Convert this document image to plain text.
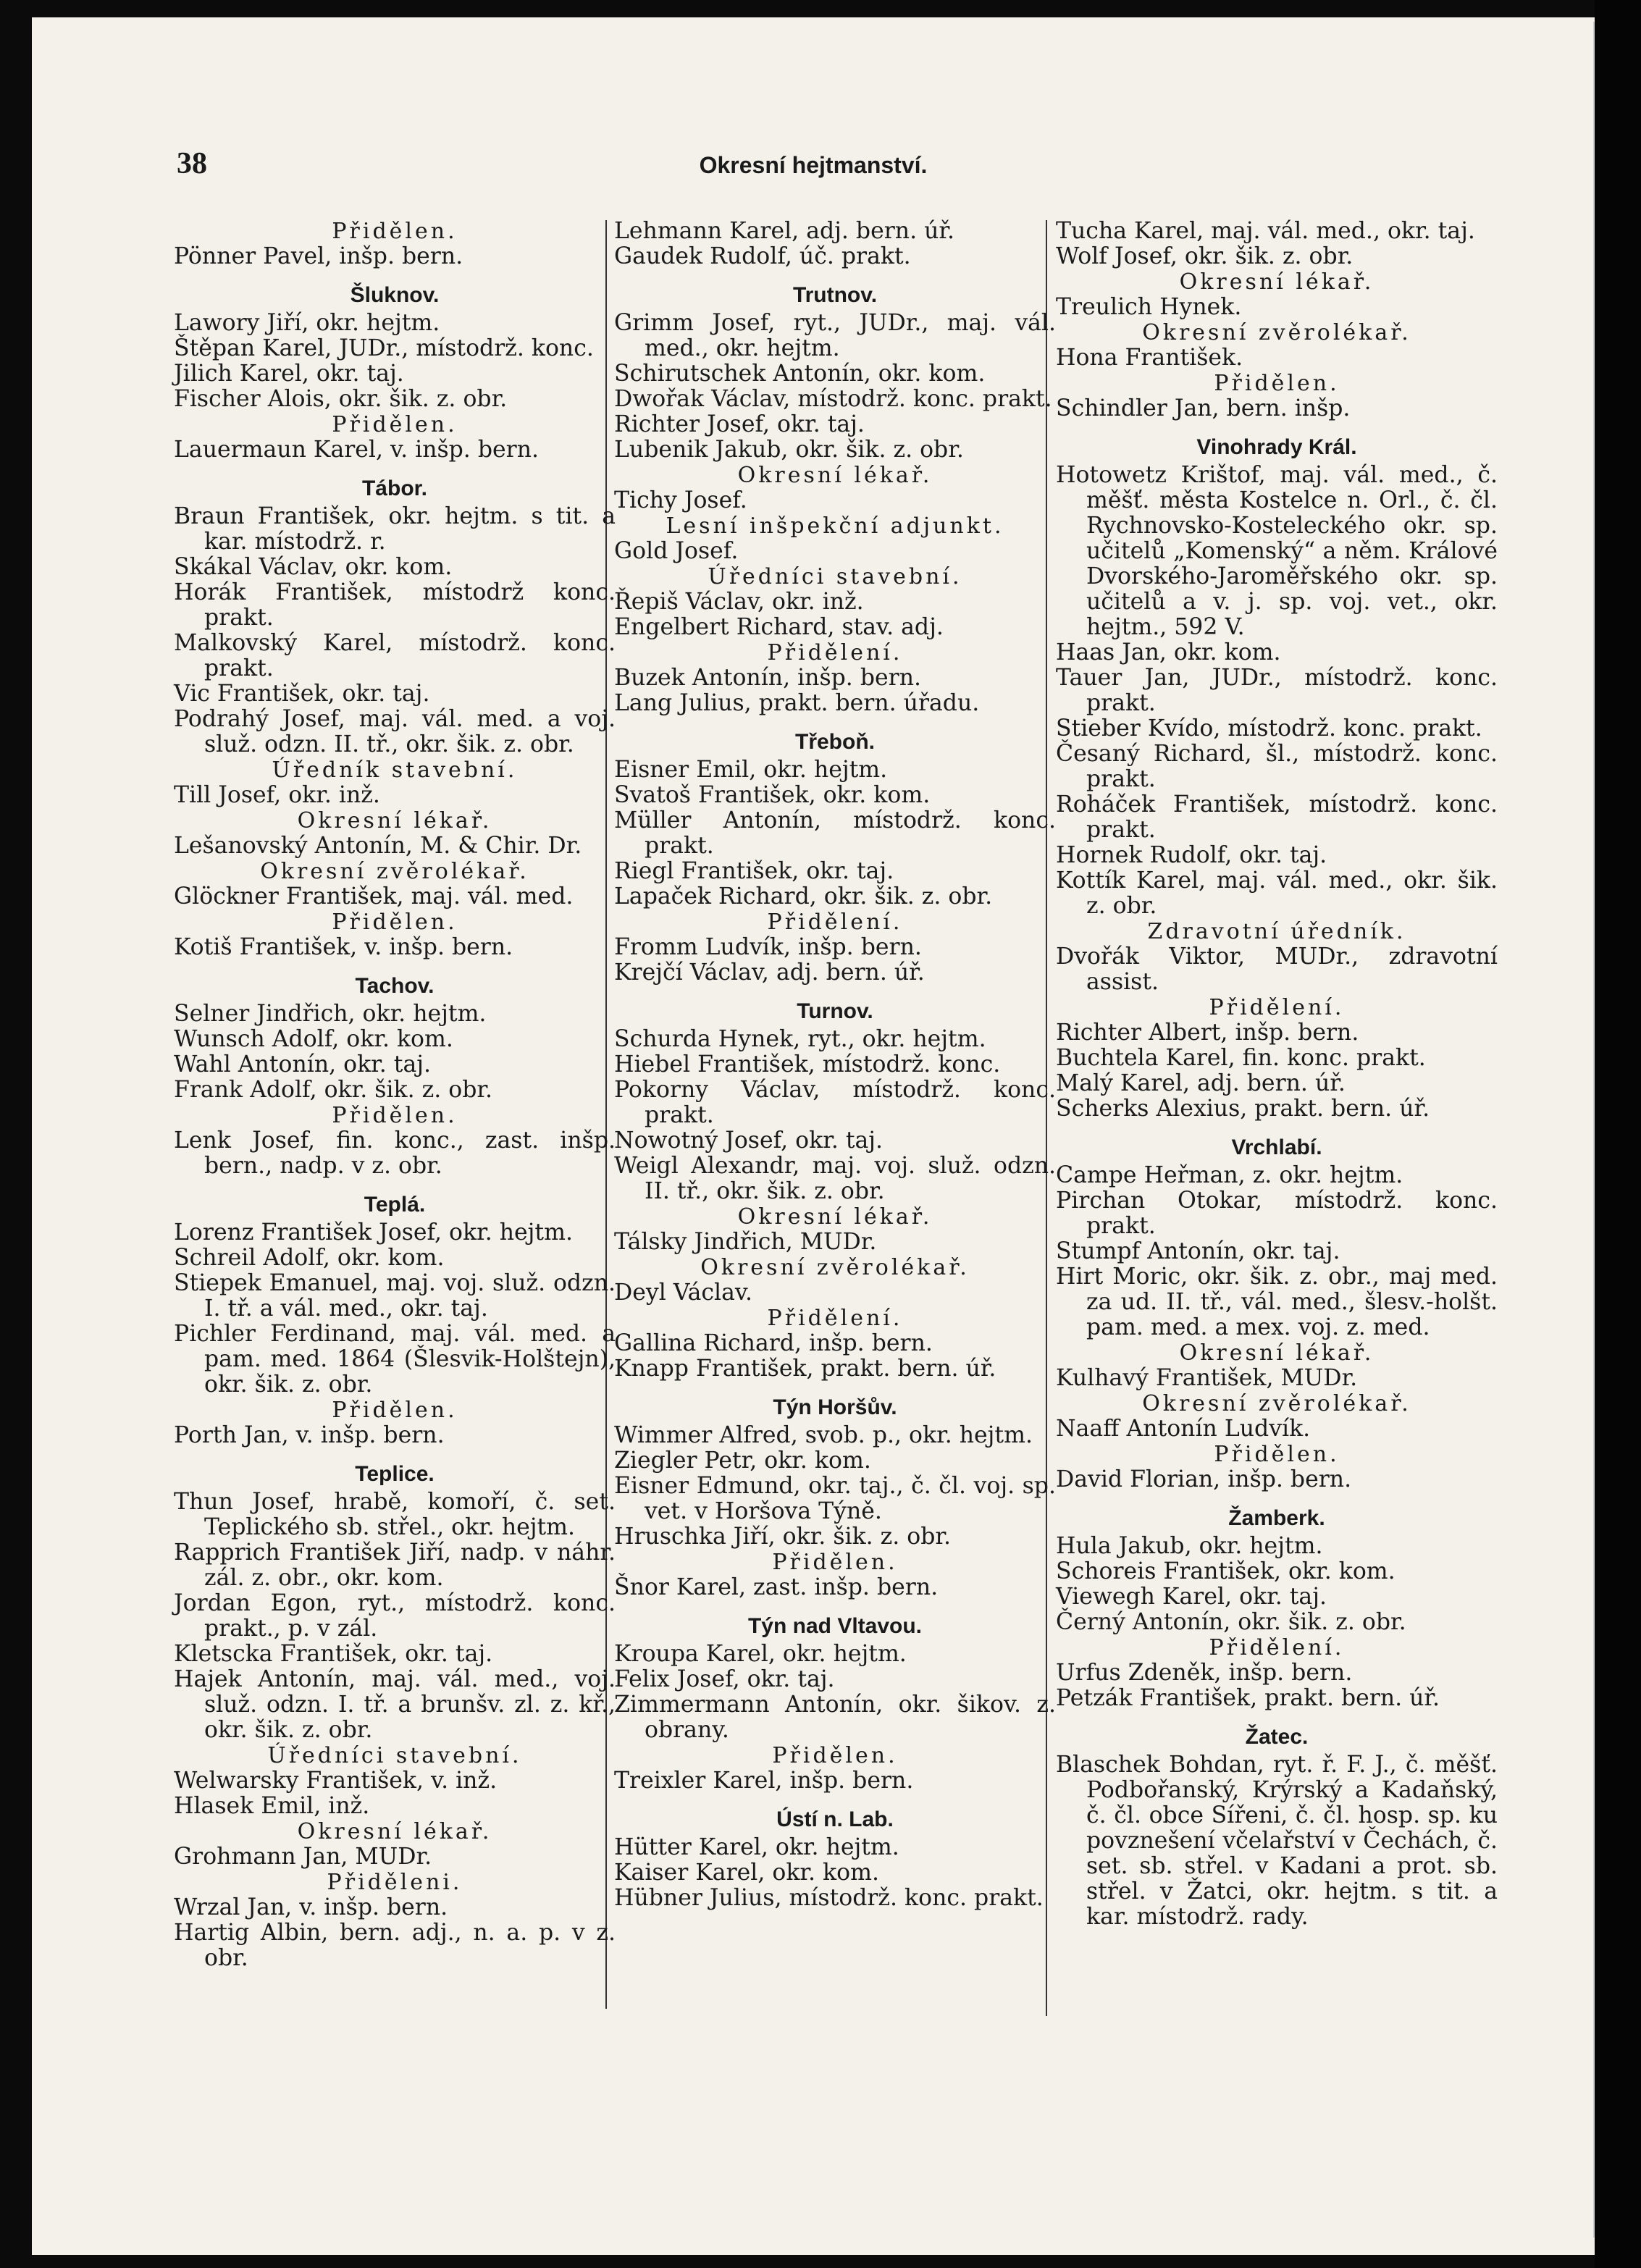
38	Okresní hejtmanství.
Přidělen.
Pönner Pavel, inšp. bern.
Šluknov.
Lawory Jiří, okr. hejtm.
Štěpan Karel, JUDr., místodrž. konc.
Jilich Karel, okr. taj.
Fischer Alois, okr. šik. z. obr.
Přidělen.
Lauermaun Karel, v. inšp. bern.
Tábor.
Braun František, okr. hejtm. s tit. a kar. místodrž. r.
Skákal Václav, okr. kom.
Horák František, místodrž konc. prakt.
Malkovský Karel, místodrž. konc. prakt.
Vic František, okr. taj.
Podrahý Josef, maj. vál. med. a voj. služ. odzn. II. tř., okr. šik. z. obr.
Úředník stavební.
Till Josef, okr. inž.
Okresní lékař.
Lešanovský Antonín, M. & Chir. Dr.
Okresní zvěrolékař.
Glöckner František, maj. vál. med.
Přidělen.
Kotiš František, v. inšp. bern.
Tachov.
Selner Jindřich, okr. hejtm.
Wunsch Adolf, okr. kom.
Wahl Antonín, okr. taj.
Frank Adolf, okr. šik. z. obr.
Přidělen.
Lenk Josef, fin. konc., zast. inšp. bern., nadp. v z. obr.
Teplá.
Lorenz František Josef, okr. hejtm.
Schreil Adolf, okr. kom.
Stiepek Emanuel, maj. voj. služ. odzn. I. tř. a vál. med., okr. taj.
Pichler Ferdinand, maj. vál. med. a pam. med. 1864 (Šlesvik-Holštejn), okr. šik. z. obr.
Přidělen.
Porth Jan, v. inšp. bern.
Teplice.
Thun Josef, hrabě, komoří, č. set. Teplického sb. střel., okr. hejtm.
Rapprich František Jiří, nadp. v náhr. zál. z. obr., okr. kom.
Jordan Egon, ryt., místodrž. konc. prakt., p. v zál.
Kletscka František, okr. taj.
Hajek Antonín, maj. vál. med., voj. služ. odzn. I. tř. a brunšv. zl. z. kř., okr. šik. z. obr.
Úředníci stavební.
Welwarsky František, v. inž.
Hlasek Emil, inž.
Okresní lékař.
Grohmann Jan, MUDr.
Přiděleni.
Wrzal Jan, v. inšp. bern.
Hartig Albin, bern. adj., n. a. p. v z. obr.
Lehmann Karel, adj. bern. úř.
Gaudek Rudolf, úč. prakt.
Trutnov.
Grimm Josef, ryt., JUDr., maj. vál. med., okr. hejtm.
Schirutschek Antonín, okr. kom.
Dwořak Václav, místodrž. konc. prakt.
Richter Josef, okr. taj.
Lubenik Jakub, okr. šik. z. obr.
Okresní lékař.
Tichy Josef.
Lesní inšpekční adjunkt.
Gold Josef.
Úředníci stavební.
Řepiš Václav, okr. inž.
Engelbert Richard, stav. adj.
Přidělení.
Buzek Antonín, inšp. bern.
Lang Julius, prakt. bern. úřadu.
Třeboň.
Eisner Emil, okr. hejtm.
Svatoš František, okr. kom.
Müller Antonín, místodrž. konc. prakt.
Riegl František, okr. taj.
Lapaček Richard, okr. šik. z. obr.
Přidělení.
Fromm Ludvík, inšp. bern.
Krejčí Václav, adj. bern. úř.
Turnov.
Schurda Hynek, ryt., okr. hejtm.
Hiebel František, místodrž. konc.
Pokorny Václav, místodrž. konc. prakt.
Nowotný Josef, okr. taj.
Weigl Alexandr, maj. voj. služ. odzn. II. tř., okr. šik. z. obr.
Okresní lékař.
Tálsky Jindřich, MUDr.
Okresní zvěrolékař.
Deyl Václav.
Přidělení.
Gallina Richard, inšp. bern.
Knapp František, prakt. bern. úř.
Týn Horšův.
Wimmer Alfred, svob. p., okr. hejtm.
Ziegler Petr, okr. kom.
Eisner Edmund, okr. taj., č. čl. voj. sp. vet. v Horšova Týně.
Hruschka Jiří, okr. šik. z. obr.
Přidělen.
Šnor Karel, zast. inšp. bern.
Týn nad Vltavou.
Kroupa Karel, okr. hejtm.
Felix Josef, okr. taj.
Zimmermann Antonín, okr. šikov. z. obrany.
Přidělen.
Treixler Karel, inšp. bern.
Ústí n. Lab.
Hütter Karel, okr. hejtm.
Kaiser Karel, okr. kom.
Hübner Julius, místodrž. konc. prakt.
Tucha Karel, maj. vál. med., okr. taj.
Wolf Josef, okr. šik. z. obr.
Okresní lékař.
Treulich Hynek.
Okresní zvěrolékař.
Hona František.
Přidělen.
Schindler Jan, bern. inšp.
Vinohrady Král.
Hotowetz Krištof, maj. vál. med., č. měšť. města Kostelce n. Orl., č. čl. Rychnovsko-Kosteleckého okr. sp. učitelů „Komenský“ a něm. Králové Dvorského-Jaroměřského okr. sp. učitelů a v. j. sp. voj. vet., okr. hejtm., 592 V.
Haas Jan, okr. kom.
Tauer Jan, JUDr., místodrž. konc. prakt.
Stieber Kvído, místodrž. konc. prakt.
Česaný Richard, šl., místodrž. konc. prakt.
Roháček František, místodrž. konc. prakt.
Hornek Rudolf, okr. taj.
Kottík Karel, maj. vál. med., okr. šik. z. obr.
Zdravotní úředník.
Dvořák Viktor, MUDr., zdravotní assist.
Přidělení.
Richter Albert, inšp. bern.
Buchtela Karel, fin. konc. prakt.
Malý Karel, adj. bern. úř.
Scherks Alexius, prakt. bern. úř.
Vrchlabí.
Campe Heřman, z. okr. hejtm.
Pirchan Otokar, místodrž. konc. prakt.
Stumpf Antonín, okr. taj.
Hirt Moric, okr. šik. z. obr., maj med. za ud. II. tř., vál. med., šlesv.-holšt. pam. med. a mex. voj. z. med.
Okresní lékař.
Kulhavý František, MUDr.
Okresní zvěrolékař.
Naaff Antonín Ludvík.
Přidělen.
David Florian, inšp. bern.
Žamberk.
Hula Jakub, okr. hejtm.
Schoreis František, okr. kom.
Viewegh Karel, okr. taj.
Černý Antonín, okr. šik. z. obr.
Přidělení.
Urfus Zdeněk, inšp. bern.
Petzák František, prakt. bern. úř.
Žatec.
Blaschek Bohdan, ryt. ř. F. J., č. měšť. Podbořanský, Krýrský a Kadaňský, č. čl. obce Sířeni, č. čl. hosp. sp. ku povznešení včelařství v Čechách, č. set. sb. střel. v Kadani a prot. sb. střel. v Žatci, okr. hejtm. s tit. a kar. místodrž. rady.
